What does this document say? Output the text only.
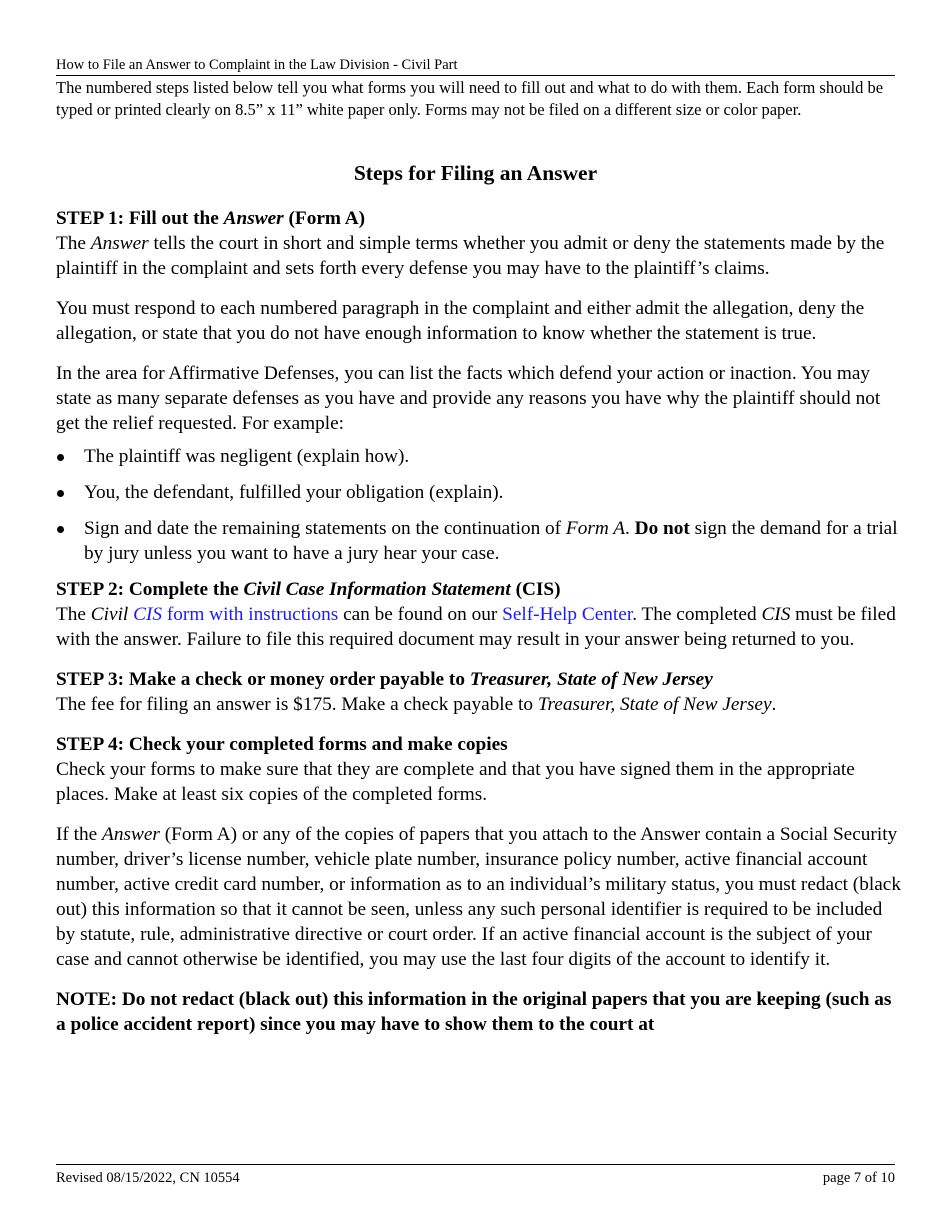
How to File an Answer to Complaint in the Law Division - Civil Part
The numbered steps listed below tell you what forms you will need to fill out and what to do with them. Each form should be typed or printed clearly on 8.5” x 11” white paper only. Forms may not be filed on a different size or color paper.
Steps for Filing an Answer

STEP 1: Fill out the Answer (Form A)
The Answer tells the court in short and simple terms whether you admit or deny the statements made by the plaintiff in the complaint and sets forth every defense you may have to the plaintiff’s claims.

You must respond to each numbered paragraph in the complaint and either admit the allegation, deny the allegation, or state that you do not have enough information to know whether the statement is true.

In the area for Affirmative Defenses, you can list the facts which defend your action or inaction. You may state as many separate defenses as you have and provide any reasons you have why the plaintiff should not get the relief requested. For example:

The plaintiff was negligent (explain how).
You, the defendant, fulfilled your obligation (explain).
Sign and date the remaining statements on the continuation of Form A. Do not sign the demand for a trial by jury unless you want to have a jury hear your case.

STEP 2: Complete the Civil Case Information Statement (CIS)
The Civil CIS form with instructions can be found on our Self-Help Center. The completed CIS must be filed with the answer. Failure to file this required document may result in your answer being returned to you.

STEP 3: Make a check or money order payable to Treasurer, State of New Jersey
The fee for filing an answer is $175. Make a check payable to Treasurer, State of New Jersey.

STEP 4: Check your completed forms and make copies
Check your forms to make sure that they are complete and that you have signed them in the appropriate places. Make at least six copies of the completed forms.

If the Answer (Form A) or any of the copies of papers that you attach to the Answer contain a Social Security number, driver’s license number, vehicle plate number, insurance policy number, active financial account number, active credit card number, or information as to an individual’s military status, you must redact (black out) this information so that it cannot be seen, unless any such personal identifier is required to be included by statute, rule, administrative directive or court order. If an active financial account is the subject of your case and cannot otherwise be identified, you may use the last four digits of the account to identify it.

NOTE: Do not redact (black out) this information in the original papers that you are keeping (such as a police accident report) since you may have to show them to the court at

Revised 08/15/2022, CN 10554	page 7 of 10
